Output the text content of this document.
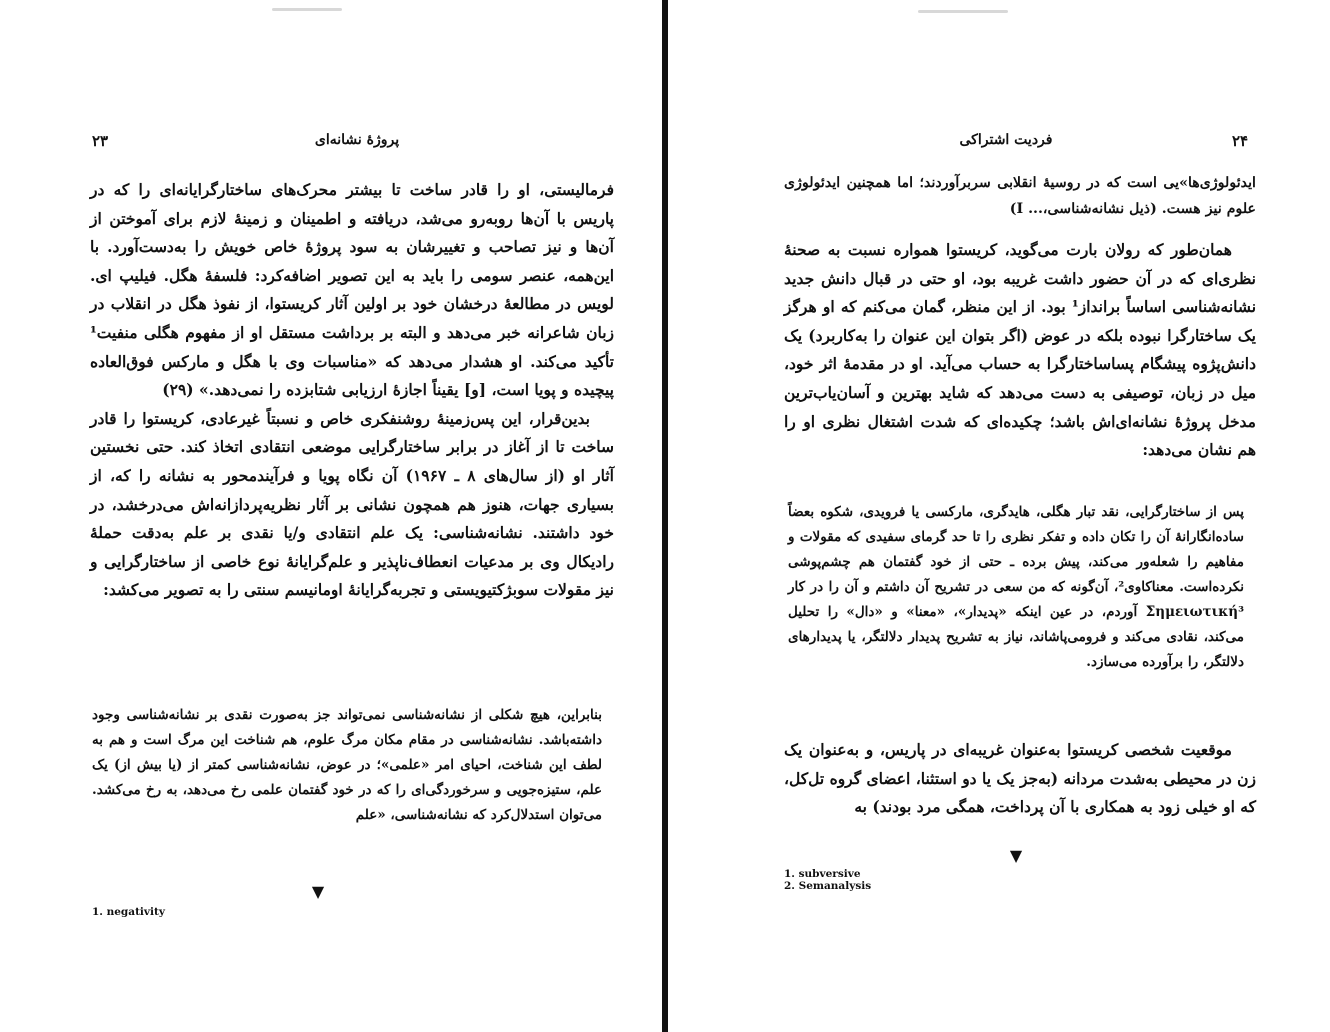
پروژهٔ نشانه‌ای
۲۳

فرمالیستی، او را قادر ساخت تا بیشتر محرک‌های ساختارگرایانه‌ای را که در پاریس با آن‌ها روبه‌رو می‌شد، دریافته و اطمینان و زمینهٔ لازم برای آموختن از آن‌ها و نیز تصاحب و تغییرشان به سود پروژهٔ خاص خویش را به‌دست‌آورد. با این‌همه، عنصر سومی را باید به این تصویر اضافه‌کرد: فلسفهٔ هگل. فیلیپ ای. لویس در مطالعهٔ درخشان خود بر اولین آثار کریستوا، از نفوذ هگل در انقلاب در زبان شاعرانه خبر می‌دهد و البته بر برداشت مستقل او از مفهوم هگلی منفیت¹ تأکید می‌کند. او هشدار می‌دهد که «مناسبات وی با هگل و مارکس فوق‌العاده پیچیده و پویا است، [و] یقیناً اجازهٔ ارزیابی شتابزده را نمی‌دهد.» (۲۹)

بدین‌قرار، این پس‌زمینهٔ روشنفکری خاص و نسبتاً غیرعادی، کریستوا را قادر ساخت تا از آغاز در برابر ساختارگرایی موضعی انتقادی اتخاذ کند. حتی نخستین آثار او (از سال‌های ۸ ـ ۱۹۶۷) آن نگاه پویا و فرآیندمحور به نشانه را که، از بسیاری جهات، هنوز هم همچون نشانی بر آثار نظریه‌پردازانه‌اش می‌درخشد، در خود داشتند. نشانه‌شناسی: یک علم انتقادی و/یا نقدی بر علم به‌دقت حملهٔ رادیکال وی بر مدعیات انعطاف‌ناپذیر و علم‌گرایانهٔ نوع خاصی از ساختارگرایی و نیز مقولات سوبژکتیویستی و تجربه‌گرایانهٔ اومانیسم سنتی را به تصویر می‌کشد:

بنابراین، هیچ شکلی از نشانه‌شناسی نمی‌تواند جز به‌صورت نقدی بر نشانه‌شناسی وجود داشته‌باشد. نشانه‌شناسی در مقام مکان مرگ علوم، هم شناخت این مرگ است و هم به لطف این شناخت، احیای امر «علمی»؛ در عوض، نشانه‌شناسی کمتر از (یا بیش از) یک علم، ستیزه‌جویی و سرخوردگی‌ای را که در خود گفتمان علمی رخ می‌دهد، به رخ می‌کشد. می‌توان استدلال‌کرد که نشانه‌شناسی، «علم

▼
1. negativity
۲۴
فردیت اشتراکی

ایدئولوژی‌ها»یی است که در روسیهٔ انقلابی سربرآوردند؛ اما همچنین ایدئولوژی علوم نیز هست. (ذیل نشانه‌شناسی،... I)

همان‌طور که رولان بارت می‌گوید، کریستوا همواره نسبت به صحنهٔ نظری‌ای که در آن حضور داشت غریبه بود، او حتی در قبال دانش جدید نشانه‌شناسی اساساً برانداز¹ بود. از این منظر، گمان می‌کنم که او هرگز یک ساختارگرا نبوده بلکه در عوض (اگر بتوان این عنوان را به‌کاربرد) یک دانش‌پژوه پیشگام پساساختارگرا به حساب می‌آید. او در مقدمهٔ اثر خود، میل در زبان، توصیفی به دست می‌دهد که شاید بهترین و آسان‌یاب‌ترین مدخل پروژهٔ نشانه‌ای‌اش باشد؛ چکیده‌ای که شدت اشتغال نظری او را هم نشان می‌دهد:

پس از ساختارگرایی، نقد تبار هگلی، هایدگری، مارکسی یا فرویدی، شکوه بعضاً ساده‌انگارانهٔ آن را تکان داده و تفکر نظری را تا حد گرمای سفیدی که مقولات و مفاهیم را شعله‌ور می‌کند، پیش برده ـ حتی از خود گفتمان هم چشم‌پوشی نکرده‌است. معناکاوی²، آن‌گونه که من سعی در تشریح آن داشتم و آن را در کار Σημειωτική³ آوردم، در عین اینکه «پدیدار»، «معنا» و «دال» را تحلیل می‌کند، نقادی می‌کند و فرومی‌پاشاند، نیاز به تشریح پدیدار دلالتگر، یا پدیدارهای دلالتگر، را برآورده می‌سازد.

موقعیت شخصی کریستوا به‌عنوان غریبه‌ای در پاریس، و به‌عنوان یک زن در محیطی به‌شدت مردانه (به‌جز یک یا دو استثنا، اعضای گروه تل‌کل، که او خیلی زود به همکاری با آن پرداخت، همگی مرد بودند) به

▼
1. subversive
2. Semanalysis
